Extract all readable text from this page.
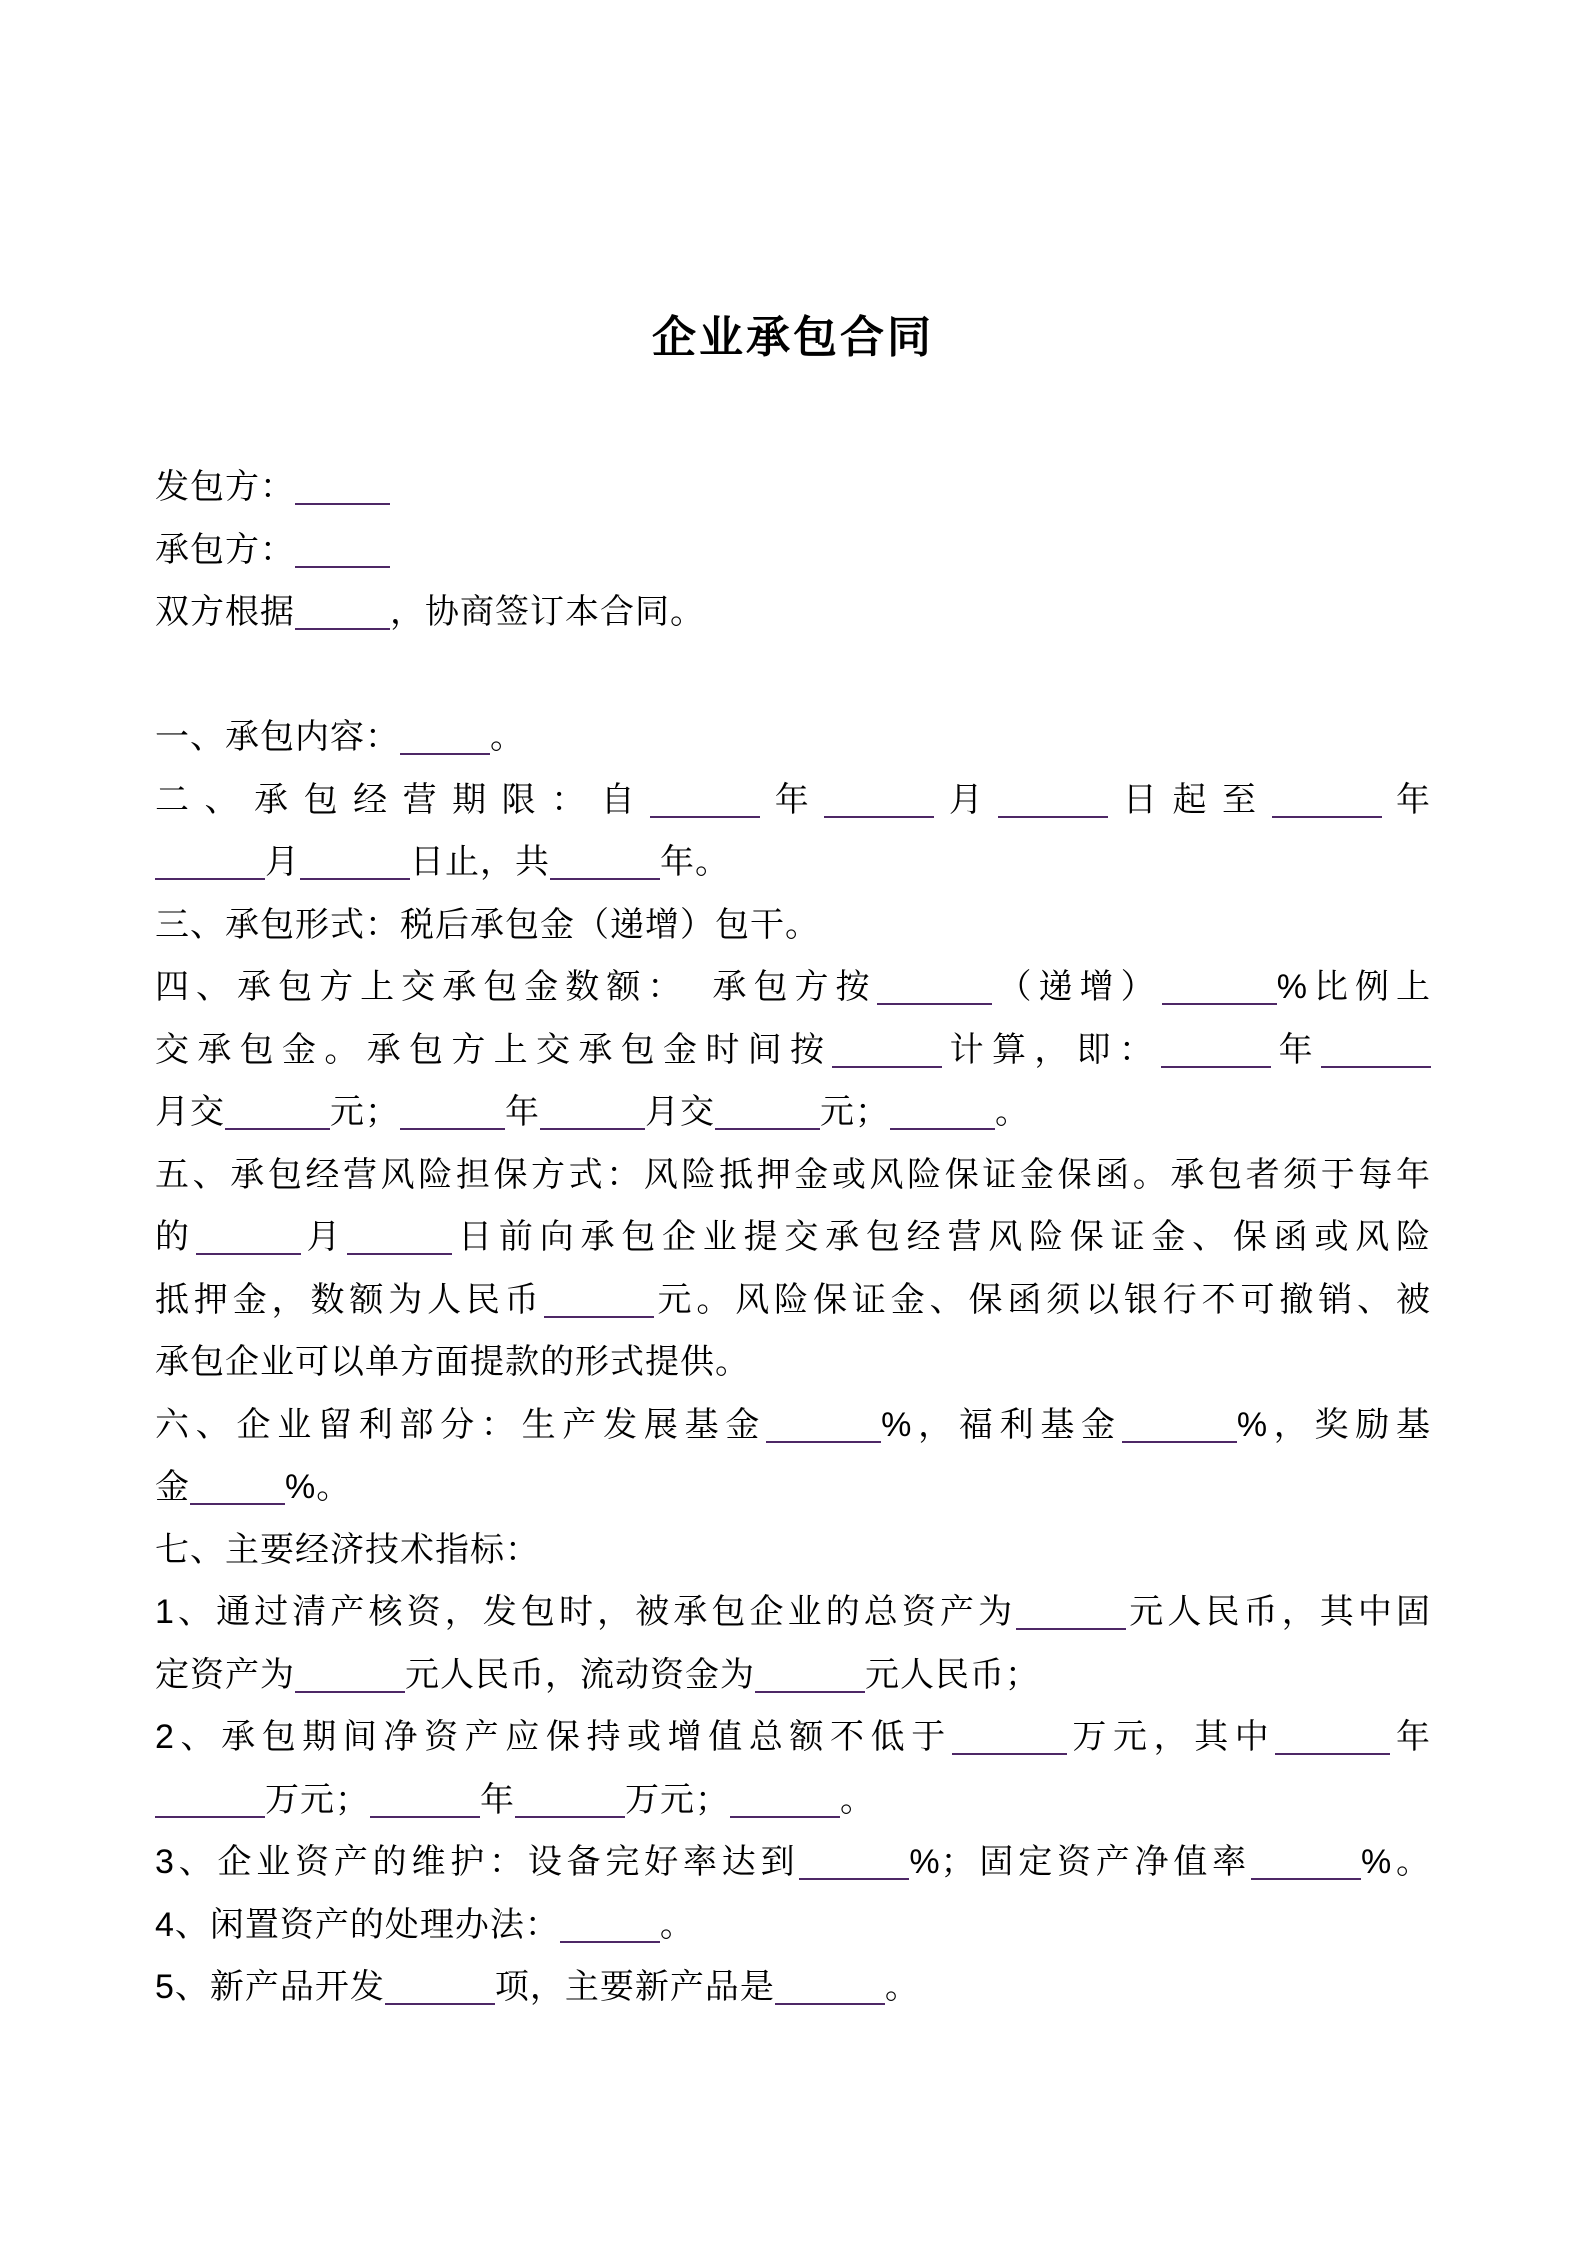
企业承包合同
发包方：
承包方：
双方根据	，协商签订本合同。
一、承包内容：	。
二、承包经营期限：自	年	月	日起至	年
月	日止，共	年。
三、承包形式：税后承包金（递增）包干。
四、承包方上交承包金数额：　承包方按	（递增）	%比例上
交承包金。承包方上交承包金时间按	计算，即：	年
月交	元；	年	月交	元；	。
五、承包经营风险担保方式：风险抵押金或风险保证金保函。承包者须于每年
的	月	日前向承包企业提交承包经营风险保证金、保函或风险
抵押金，数额为人民币	元。风险保证金、保函须以银行不可撤销、被
承包企业可以单方面提款的形式提供。
六、企业留利部分：生产发展基金	%，福利基金	%，奖励基
金	%。
七、主要经济技术指标：
1、通过清产核资，发包时，被承包企业的总资产为	元人民币，其中固
定资产为	元人民币，流动资金为	元人民币；
2、承包期间净资产应保持或增值总额不低于	万元，其中	年
万元；	年	万元；	。
3、企业资产的维护：设备完好率达到	%；固定资产净值率	%。
4、闲置资产的处理办法：	。
5、新产品开发	项，主要新产品是	。
